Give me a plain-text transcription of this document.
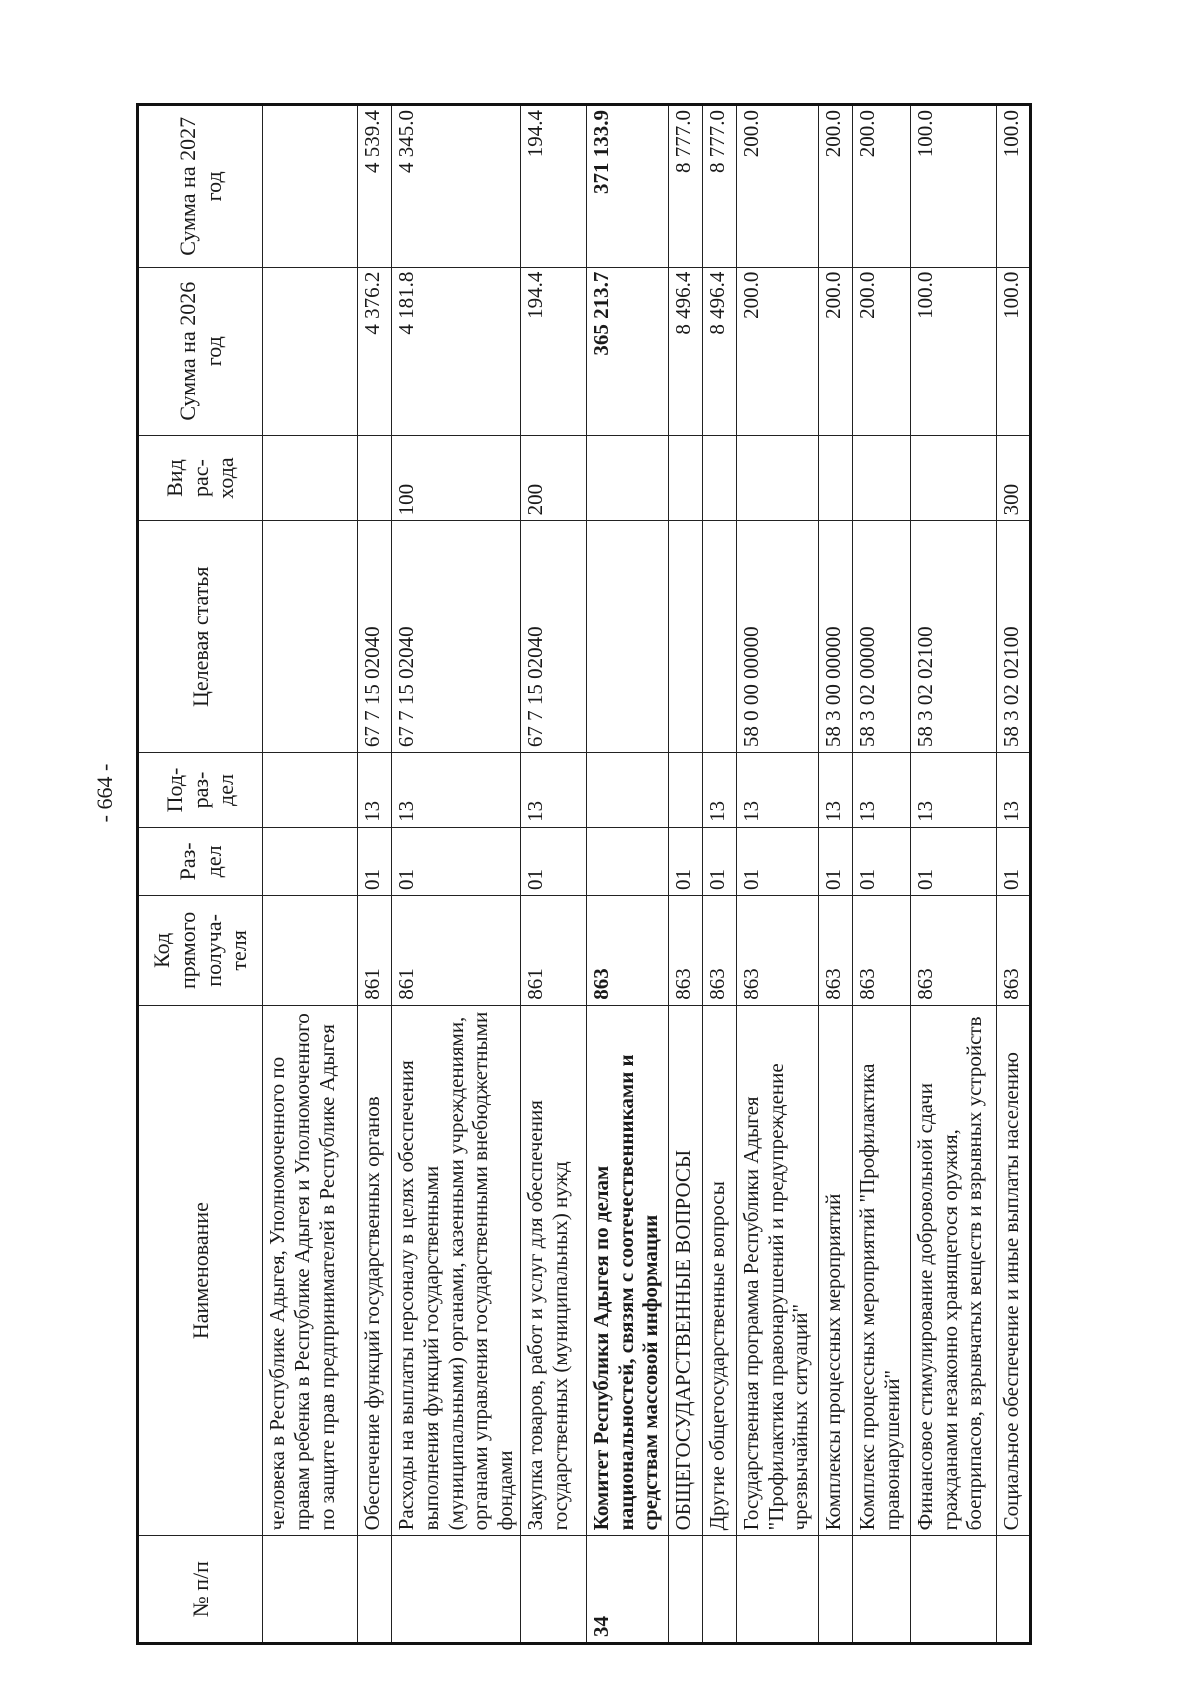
- 664 -
№ п/п	Наименование	Код прямого получа-теля	Раз-дел	Под-раз-дел	Целевая статья	Вид рас-хода	Сумма на 2026 год	Сумма на 2027 год
	человека в Республике Адыгея, Уполномоченного по правам ребенка в Республике Адыгея и Уполномоченного по защите прав предпринимателей в Республике Адыгея							
	Обеспечение функций государственных органов	861	01	13	67 7 15 02040		4 376.2	4 539.4
	Расходы на выплаты персоналу в целях обеспечения выполнения функций государственными (муниципальными) органами, казенными учреждениями, органами управления государственными внебюджетными фондами	861	01	13	67 7 15 02040	100	4 181.8	4 345.0
	Закупка товаров, работ и услуг для обеспечения государственных (муниципальных) нужд	861	01	13	67 7 15 02040	200	194.4	194.4
34	Комитет Республики Адыгея по делам национальностей, связям с соотечественниками и средствам массовой информации	863					365 213.7	371 133.9
	ОБЩЕГОСУДАРСТВЕННЫЕ ВОПРОСЫ	863	01				8 496.4	8 777.0
	Другие общегосударственные вопросы	863	01	13			8 496.4	8 777.0
	Государственная программа Республики Адыгея "Профилактика правонарушений и предупреждение чрезвычайных ситуаций"	863	01	13	58 0 00 00000		200.0	200.0
	Комплексы процессных мероприятий	863	01	13	58 3 00 00000		200.0	200.0
	Комплекс процессных мероприятий "Профилактика правонарушений"	863	01	13	58 3 02 00000		200.0	200.0
	Финансовое стимулирование добровольной сдачи гражданами незаконно хранящегося оружия, боеприпасов, взрывчатых веществ и взрывных устройств	863	01	13	58 3 02 02100		100.0	100.0
	Социальное обеспечение и иные выплаты населению	863	01	13	58 3 02 02100	300	100.0	100.0
